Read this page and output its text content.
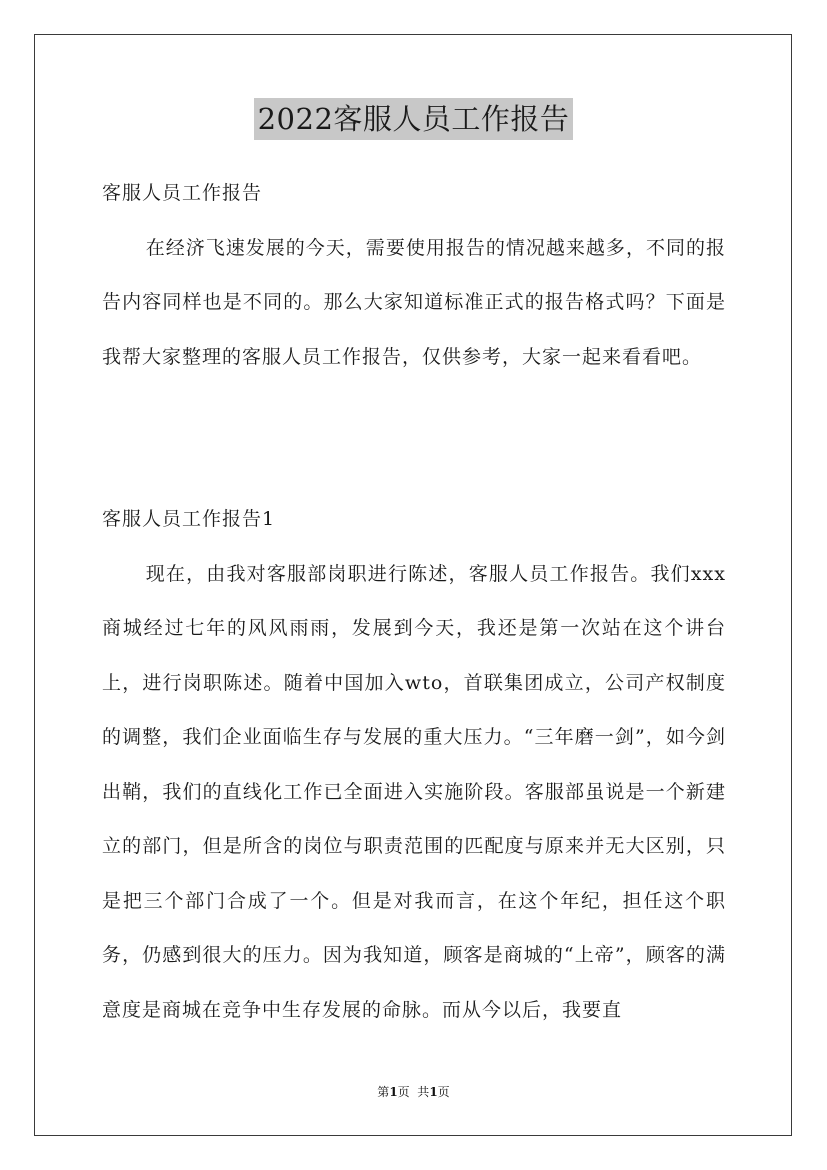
2022客服人员工作报告

客服人员工作报告

在经济飞速发展的今天，需要使用报告的情况越来越多，不同的报告内容同样也是不同的。那么大家知道标准正式的报告格式吗？下面是我帮大家整理的客服人员工作报告，仅供参考，大家一起来看看吧。

客服人员工作报告1

现在，由我对客服部岗职进行陈述，客服人员工作报告。我们xxx商城经过七年的风风雨雨，发展到今天，我还是第一次站在这个讲台上，进行岗职陈述。随着中国加入wto，首联集团成立，公司产权制度的调整，我们企业面临生存与发展的重大压力。“三年磨一剑”，如今剑出鞘，我们的直线化工作已全面进入实施阶段。客服部虽说是一个新建立的部门，但是所含的岗位与职责范围的匹配度与原来并无大区别，只是把三个部门合成了一个。但是对我而言，在这个年纪，担任这个职务，仍感到很大的压力。因为我知道，顾客是商城的“上帝”，顾客的满意度是商城在竞争中生存发展的命脉。而从今以后，我要直

第1页  共1页
